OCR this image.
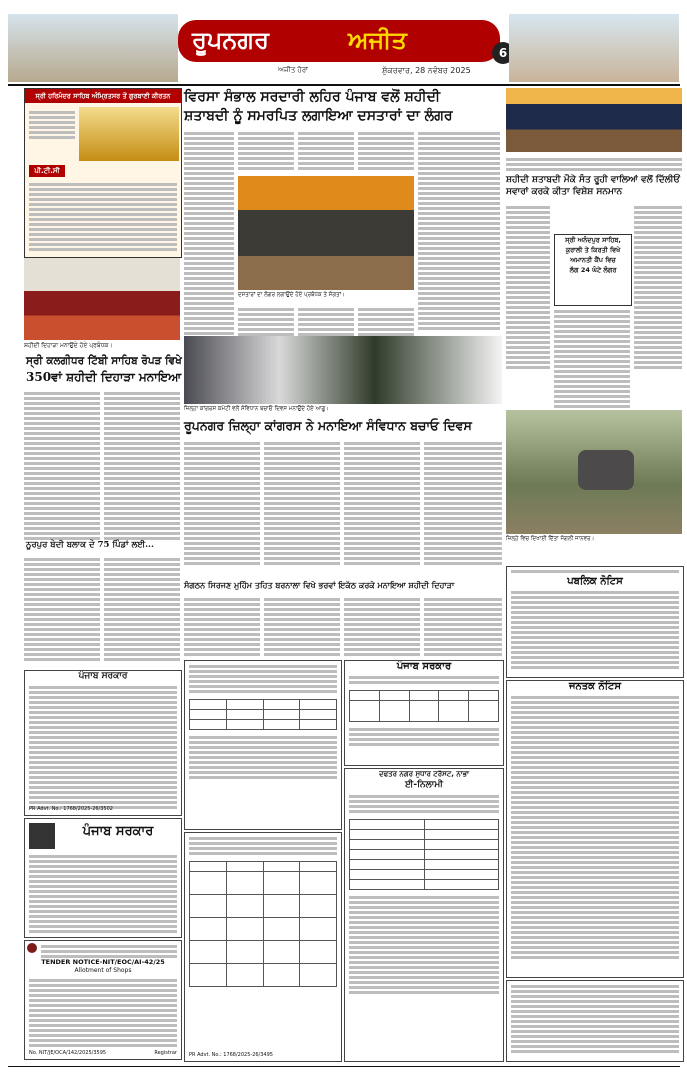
ਰੂਪਨਗਰ	ਅਜੀਤ
ਅਜੀਤ ਹੋਰਾਂ	ਸ਼ੁੱਕਰਵਾਰ, 28 ਨਵੰਬਰ 2025
6
ਸ੍ਰੀ ਹਰਿਮੰਦਰ ਸਾਹਿਬ ਅੰਮ੍ਰਿਤਸਰ ਤੋਂ ਗੁਰਬਾਣੀ ਕੀਰਤਨ
ਪੀ.ਟੀ.ਸੀ
ਸ਼ਹੀਦੀ ਦਿਹਾੜਾ ਮਨਾਉਂਦੇ ਹੋਏ ਪ੍ਰਬੰਧਕ।
ਸ੍ਰੀ ਕਲਗੀਧਰ ਟਿੱਬੀ ਸਾਹਿਬ ਰੋਪੜ ਵਿਖੇ
350ਵਾਂ ਸ਼ਹੀਦੀ ਦਿਹਾੜਾ ਮਨਾਇਆ
ਨੂਰਪੁਰ ਬੇਦੀ ਬਲਾਕ ਦੇ 75 ਪਿੰਡਾਂ ਲਈ...
ਪੰਜਾਬ ਸਰਕਾਰ
PR Advt. No.: 1768/2025-26/3502
ਪੰਜਾਬ ਸਰਕਾਰ
TENDER NOTICE-NIT/EOC/AI-42/25
Allotment of Shops
No. NIT/JE/OCA/142/2025/3595	Registrar
ਵਿਰਸਾ ਸੰਭਾਲ ਸਰਦਾਰੀ ਲਹਿਰ ਪੰਜਾਬ ਵਲੋਂ ਸ਼ਹੀਦੀ
ਸ਼ਤਾਬਦੀ ਨੂੰ ਸਮਰਪਿਤ ਲਗਾਇਆ ਦਸਤਾਰਾਂ ਦਾ ਲੰਗਰ
ਦਸਤਾਰਾਂ ਦਾ ਲੰਗਰ ਲਗਾਉਂਦੇ ਹੋਏ ਪ੍ਰਬੰਧਕ ਤੇ ਸੰਗਤਾਂ।
ਸ਼ਹੀਦੀ ਸ਼ਤਾਬਦੀ ਮੌਕੇ ਸੰਤ ਰੂਹੀ ਵਾਲਿਆਂ ਵਲੋਂ ਦਿੱਲੀਓਂ ਸਵਾਰਾਂ ਕਰਕੇ ਕੀਤਾ ਵਿਸ਼ੇਸ਼ ਸਨਮਾਨ
ਸ੍ਰੀ ਅਨੰਦਪੁਰ ਸਾਹਿਬ,
ਕੁਰਾਲੀ ਤੇ ਕਿਰਤੀ ਵਿਖੇ
ਅਮਾਨਤੀ ਕੈਂਪ ਵਿਚ
ਲੱਗ 24 ਘੰਟੇ ਲੰਗਰ
ਜ਼ਿਲ੍ਹਾ ਕਾਂਗਰਸ ਕਮੇਟੀ ਵਲੋਂ ਸੰਵਿਧਾਨ ਬਚਾਓ ਦਿਵਸ ਮਨਾਉਂਦੇ ਹੋਏ ਆਗੂ।
ਰੂਪਨਗਰ ਜ਼ਿਲ੍ਹਾ ਕਾਂਗਰਸ ਨੇ ਮਨਾਇਆ ਸੰਵਿਧਾਨ ਬਚਾਓ ਦਿਵਸ
ਜ਼ਿਲ੍ਹੇ ਵਿਚ ਦਿਖਾਈ ਦਿੱਤਾ ਜੰਗਲੀ ਜਾਨਵਰ।
ਸੰਗਠਨ ਸਿਰਜਣ ਮੁਹਿੰਮ ਤਹਿਤ ਬਰਨਾਲਾ ਵਿਖੇ ਭਰਵਾਂ ਇਕੱਠ ਕਰਕੇ ਮਨਾਇਆ ਸ਼ਹੀਦੀ ਦਿਹਾੜਾ

PR Advt. No.: 1768/2025-26/3495
ਪੰਜਾਬ ਸਰਕਾਰ

ਦਫਤਰ ਨਗਰ ਸੁਧਾਰ ਟਰੱਸਟ, ਨਾਭਾ
ਈ-ਨਿਲਾਮੀ

ਪਬਲਿਕ ਨੋਟਿਸ
ਜਨਤਕ ਨੋਟਿਸ
